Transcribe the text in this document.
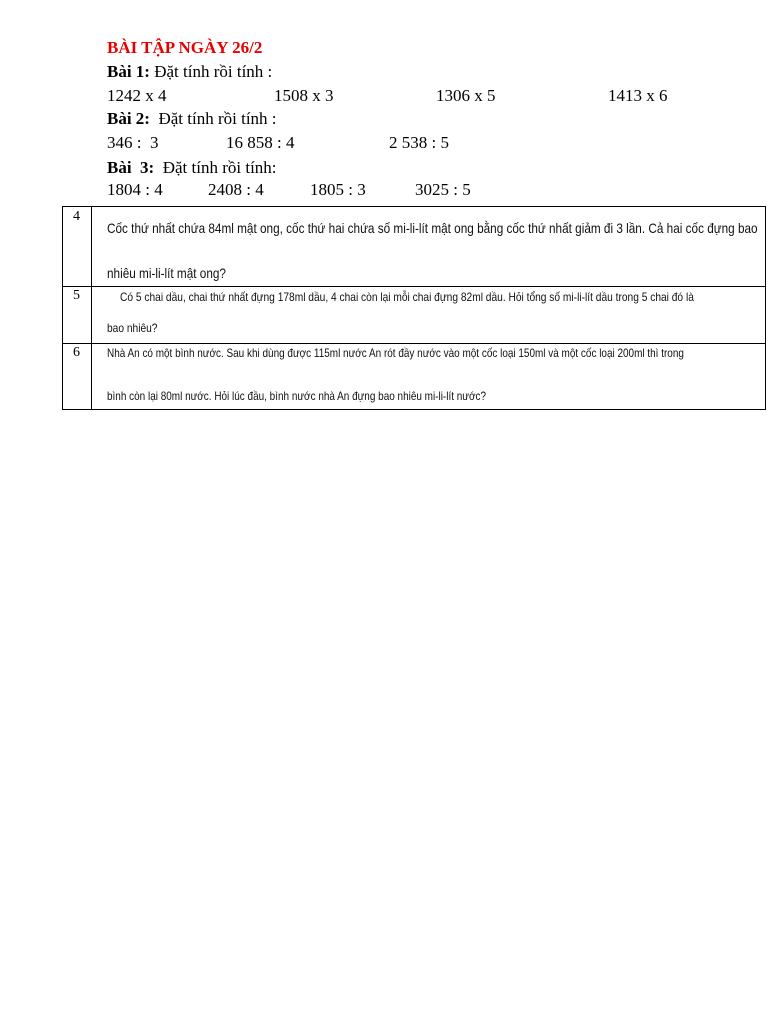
BÀI TẬP NGÀY 26/2
Bài 1: Đặt tính rồi tính :
1242 x 4	1508 x 3	1306 x 5	1413 x 6
Bài 2:  Đặt tính rồi tính :
346 :  3	16 858 : 4	2 538 : 5
Bài  3:  Đặt tính rồi tính:
1804 : 4	2408 : 4	1805 : 3	3025 : 5
4
Cốc thứ nhất chứa 84ml mật ong, cốc thứ hai chứa số mi-li-lít mật ong bằng cốc thứ nhất giảm đi 3 lần. Cả hai cốc đựng bao
nhiêu mi-li-lít mật ong?
5	Có 5 chai dầu, chai thứ nhất đựng 178ml dầu, 4 chai còn lại mỗi chai đựng 82ml dầu. Hỏi tổng số mi-li-lít dầu trong 5 chai đó là
bao nhiêu?
6 Nhà An có một bình nước. Sau khi dùng được 115ml nước An rót đầy nước vào một cốc loại 150ml và một cốc loại 200ml thì trong
bình còn lại 80ml nước. Hỏi lúc đầu, bình nước nhà An đựng bao nhiêu mi-li-lít nước?
